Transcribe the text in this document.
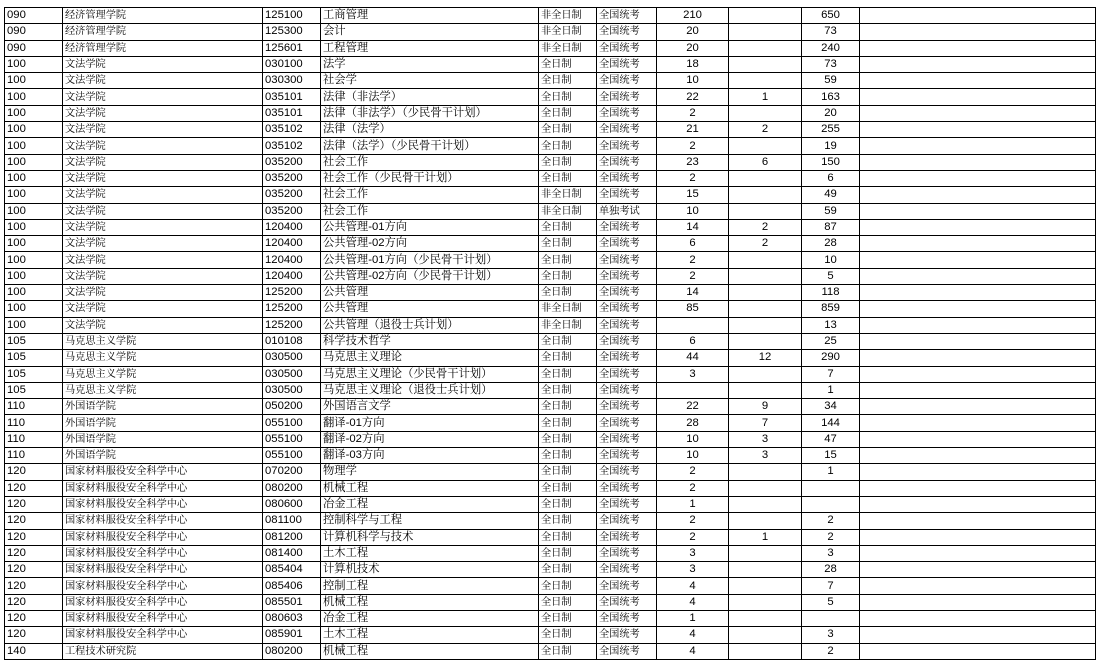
090	经济管理学院	125100	工商管理	非全日制	全国统考	210		650	
090	经济管理学院	125300	会计	非全日制	全国统考	20		73	
090	经济管理学院	125601	工程管理	非全日制	全国统考	20		240	
100	文法学院	030100	法学	全日制	全国统考	18		73	
100	文法学院	030300	社会学	全日制	全国统考	10		59	
100	文法学院	035101	法律（非法学）	全日制	全国统考	22	1	163	
100	文法学院	035101	法律（非法学）（少民骨干计划）	全日制	全国统考	2		20	
100	文法学院	035102	法律（法学）	全日制	全国统考	21	2	255	
100	文法学院	035102	法律（法学）（少民骨干计划）	全日制	全国统考	2		19	
100	文法学院	035200	社会工作	全日制	全国统考	23	6	150	
100	文法学院	035200	社会工作（少民骨干计划）	全日制	全国统考	2		6	
100	文法学院	035200	社会工作	非全日制	全国统考	15		49	
100	文法学院	035200	社会工作	非全日制	单独考试	10		59	
100	文法学院	120400	公共管理-01方向	全日制	全国统考	14	2	87	
100	文法学院	120400	公共管理-02方向	全日制	全国统考	6	2	28	
100	文法学院	120400	公共管理-01方向（少民骨干计划）	全日制	全国统考	2		10	
100	文法学院	120400	公共管理-02方向（少民骨干计划）	全日制	全国统考	2		5	
100	文法学院	125200	公共管理	全日制	全国统考	14		118	
100	文法学院	125200	公共管理	非全日制	全国统考	85		859	
100	文法学院	125200	公共管理（退役士兵计划）	非全日制	全国统考			13	
105	马克思主义学院	010108	科学技术哲学	全日制	全国统考	6		25	
105	马克思主义学院	030500	马克思主义理论	全日制	全国统考	44	12	290	
105	马克思主义学院	030500	马克思主义理论（少民骨干计划）	全日制	全国统考	3		7	
105	马克思主义学院	030500	马克思主义理论（退役士兵计划）	全日制	全国统考			1	
110	外国语学院	050200	外国语言文学	全日制	全国统考	22	9	34	
110	外国语学院	055100	翻译-01方向	全日制	全国统考	28	7	144	
110	外国语学院	055100	翻译-02方向	全日制	全国统考	10	3	47	
110	外国语学院	055100	翻译-03方向	全日制	全国统考	10	3	15	
120	国家材料服役安全科学中心	070200	物理学	全日制	全国统考	2		1	
120	国家材料服役安全科学中心	080200	机械工程	全日制	全国统考	2			
120	国家材料服役安全科学中心	080600	冶金工程	全日制	全国统考	1			
120	国家材料服役安全科学中心	081100	控制科学与工程	全日制	全国统考	2		2	
120	国家材料服役安全科学中心	081200	计算机科学与技术	全日制	全国统考	2	1	2	
120	国家材料服役安全科学中心	081400	土木工程	全日制	全国统考	3		3	
120	国家材料服役安全科学中心	085404	计算机技术	全日制	全国统考	3		28	
120	国家材料服役安全科学中心	085406	控制工程	全日制	全国统考	4		7	
120	国家材料服役安全科学中心	085501	机械工程	全日制	全国统考	4		5	
120	国家材料服役安全科学中心	080603	冶金工程	全日制	全国统考	1			
120	国家材料服役安全科学中心	085901	土木工程	全日制	全国统考	4		3	
140	工程技术研究院	080200	机械工程	全日制	全国统考	4		2	
